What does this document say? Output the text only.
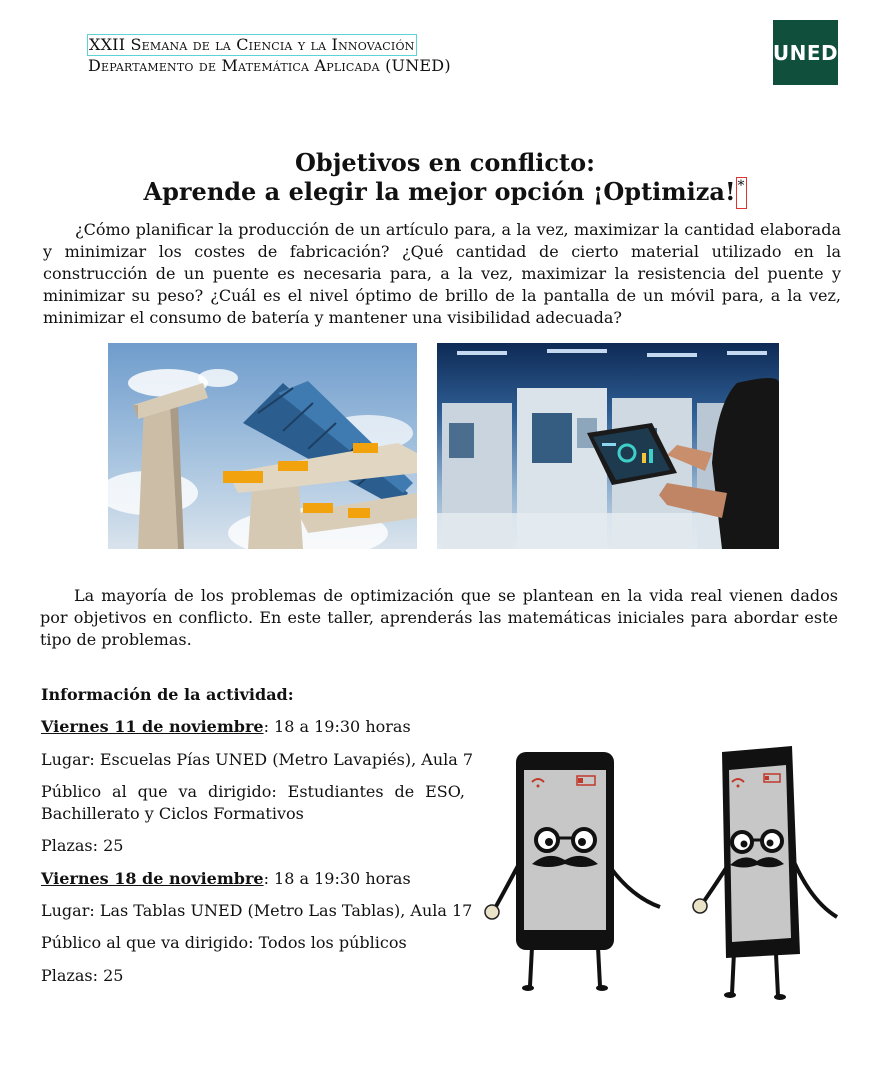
XXII Semana de la Ciencia y la Innovación
Departamento de Matemática Aplicada (UNED)
UNED
Objetivos en conflicto:
Aprende a elegir la mejor opción ¡Optimiza! *
¿Cómo planificar la producción de un artículo para, a la vez, maximizar la cantidad elaborada y minimizar los costes de fabricación? ¿Qué cantidad de cierto material utilizado en la construcción de un puente es necesaria para, a la vez, maximizar la resistencia del puente y minimizar su peso? ¿Cuál es el nivel óptimo de brillo de la pantalla de un móvil para, a la vez, minimizar el consumo de batería y mantener una visibilidad adecuada?
La mayoría de los problemas de optimización que se plantean en la vida real vienen dados por objetivos en conflicto. En este taller, aprenderás las matemáticas iniciales para abordar este tipo de problemas.
Información de la actividad:
Viernes 11 de noviembre: 18 a 19:30 horas
Lugar: Escuelas Pías UNED (Metro Lavapiés), Aula 7
Público al que va dirigido: Estudiantes de ESO, Bachillerato y Ciclos Formativos
Plazas: 25
Viernes 18 de noviembre: 18 a 19:30 horas
Lugar: Las Tablas UNED (Metro Las Tablas), Aula 17
Público al que va dirigido: Todos los públicos
Plazas: 25
